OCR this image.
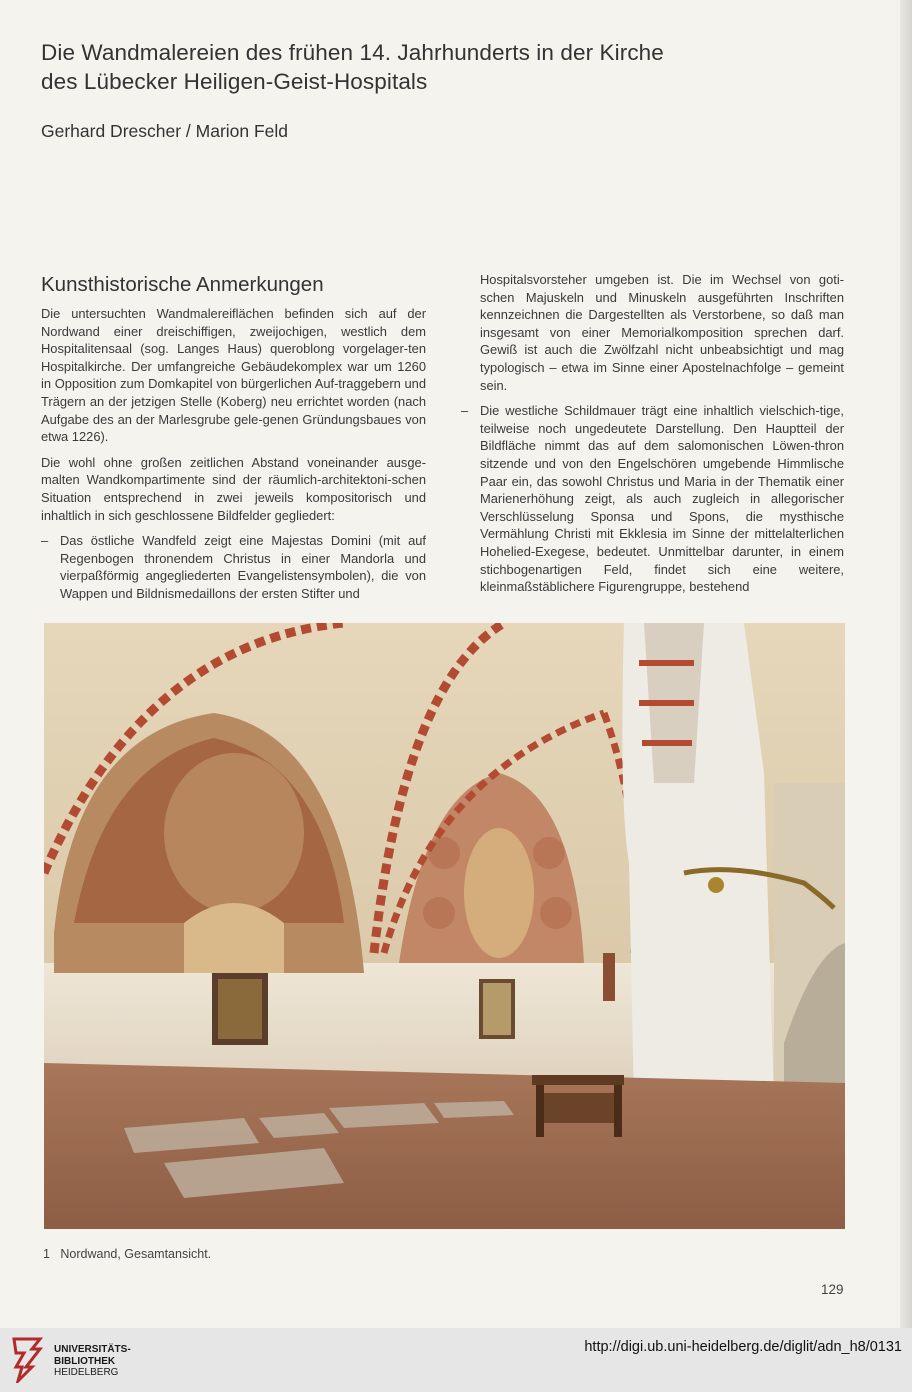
Die Wandmalereien des frühen 14. Jahrhunderts in der Kirche
des Lübecker Heiligen-Geist-Hospitals
Gerhard Drescher / Marion Feld
Kunsthistorische Anmerkungen

Die untersuchten Wandmalereiflächen befinden sich auf der Nordwand einer dreischiffigen, zweijochigen, westlich dem Hospitalitensaal (sog. Langes Haus) queroblong vorgelager-ten Hospitalkirche. Der umfangreiche Gebäudekomplex war um 1260 in Opposition zum Domkapitel von bürgerlichen Auf-traggebern und Trägern an der jetzigen Stelle (Koberg) neu errichtet worden (nach Aufgabe des an der Marlesgrube gele-genen Gründungsbaues von etwa 1226).

Die wohl ohne großen zeitlichen Abstand voneinander ausge-malten Wandkompartimente sind der räumlich-architektoni-schen Situation entsprechend in zwei jeweils kompositorisch und inhaltlich in sich geschlossene Bildfelder gegliedert:

– Das östliche Wandfeld zeigt eine Majestas Domini (mit auf Regenbogen thronendem Christus in einer Mandorla und vierpaßförmig angegliederten Evangelistensymbolen), die von Wappen und Bildnismedaillons der ersten Stifter und

Hospitalsvorsteher umgeben ist. Die im Wechsel von goti-schen Majuskeln und Minuskeln ausgeführten Inschriften kennzeichnen die Dargestellten als Verstorbene, so daß man insgesamt von einer Memorialkomposition sprechen darf. Gewiß ist auch die Zwölfzahl nicht unbeabsichtigt und mag typologisch – etwa im Sinne einer Apostelnachfolge – gemeint sein.

– Die westliche Schildmauer trägt eine inhaltlich vielschich-tige, teilweise noch ungedeutete Darstellung. Den Hauptteil der Bildfläche nimmt das auf dem salomonischen Löwen-thron sitzende und von den Engelschören umgebende Himmlische Paar ein, das sowohl Christus und Maria in der Thematik einer Marienerhöhung zeigt, als auch zugleich in allegorischer Verschlüsselung Sponsa und Spons, die mysthische Vermählung Christi mit Ekklesia im Sinne der mittelalterlichen Hohelied-Exegese, bedeutet. Unmittelbar darunter, in einem stichbogenartigen Feld, findet sich eine weitere, kleinmaßstäblichere Figurengruppe, bestehend
1 Nordwand, Gesamtansicht.
129
UNIVERSITÄTS-
BIBLIOTHEK
HEIDELBERG
http://digi.ub.uni-heidelberg.de/diglit/adn_h8/0131
